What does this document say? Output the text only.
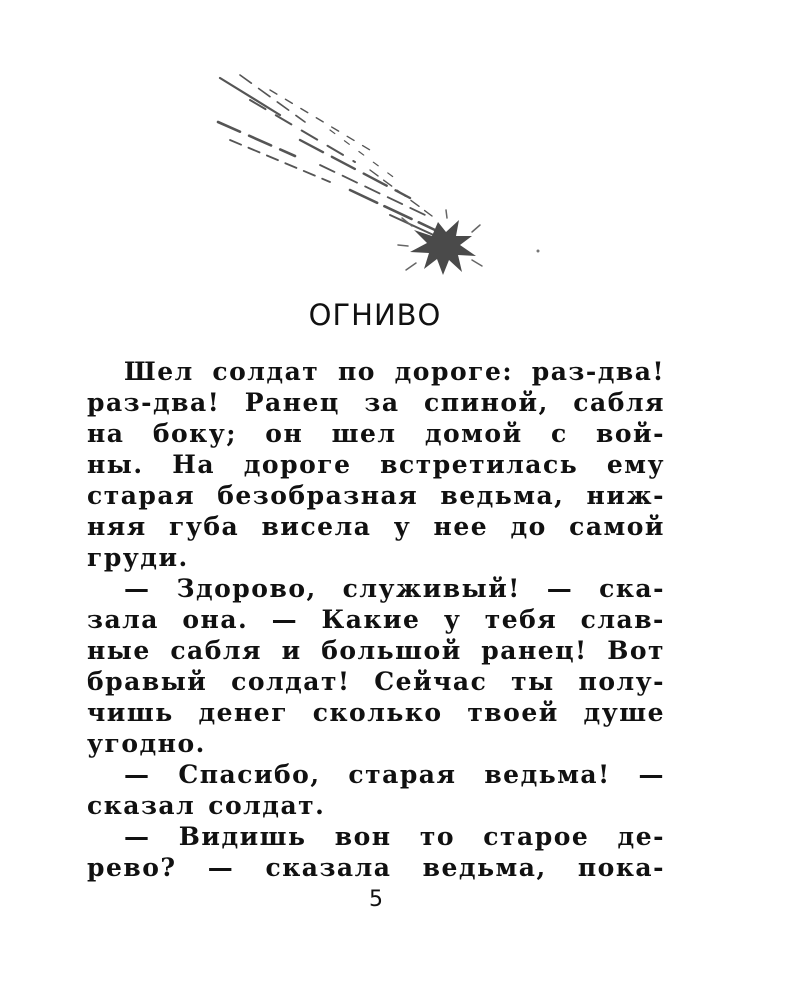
ОГНИВО
Шел солдат по дороге: раз-два!
раз-два! Ранец за спиной, сабля
на боку; он шел домой с вой-
ны. На дороге встретилась ему
старая безобразная ведьма, ниж-
няя губа висела у нее до самой
груди.
— Здорово, служивый! — ска-
зала она. — Какие у тебя слав-
ные сабля и большой ранец! Вот
бравый солдат! Сейчас ты полу-
чишь денег сколько твоей душе
угодно.
— Спасибо, старая ведьма! —
сказал солдат.
— Видишь вон то старое де-
рево? — сказала ведьма, пока-
5
